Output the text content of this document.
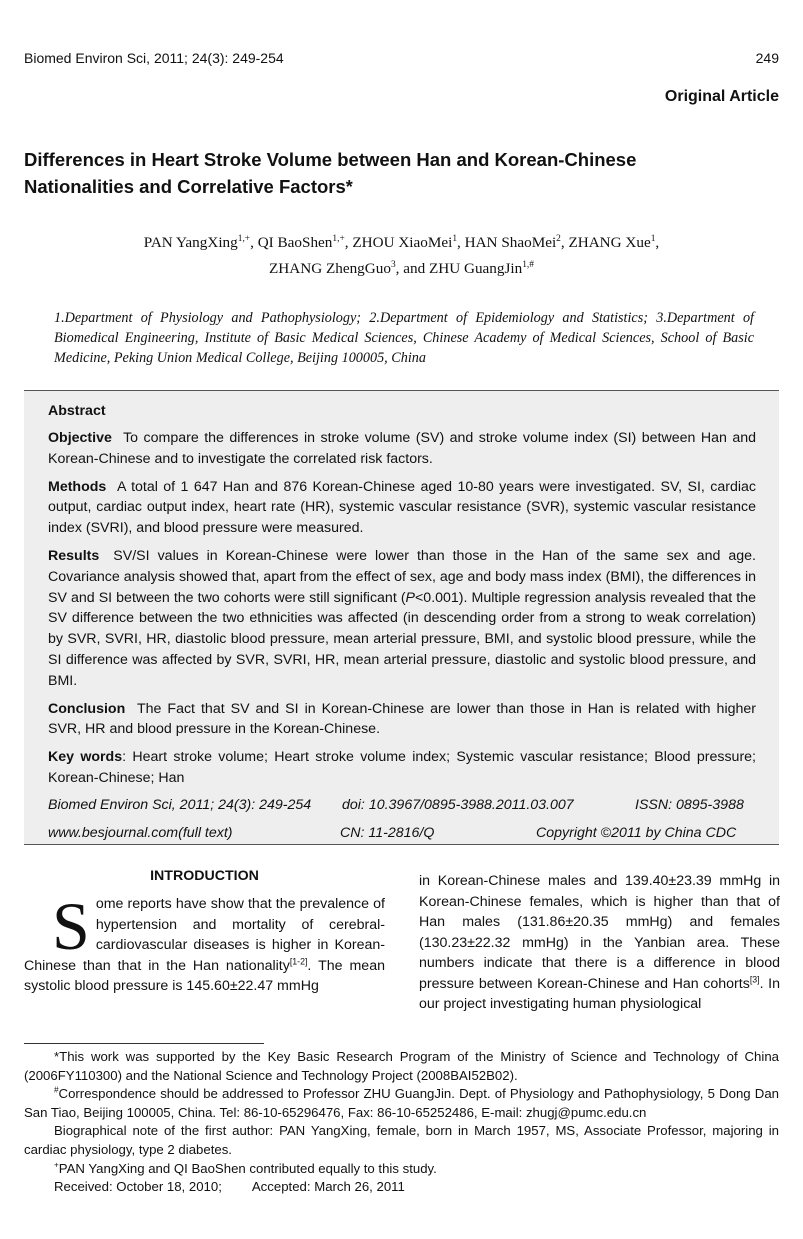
Biomed Environ Sci, 2011; 24(3): 249-254	249
Original Article
Differences in Heart Stroke Volume between Han and Korean-Chinese Nationalities and Correlative Factors*
PAN YangXing$^{1,+}$, QI BaoShen$^{1,+}$, ZHOU XiaoMei$^1$, HAN ShaoMei$^2$, ZHANG Xue$^1$,
ZHANG ZhengGuo$^3$, and ZHU GuangJin$^{1,\#}$
1.Department of Physiology and Pathophysiology; 2.Department of Epidemiology and Statistics; 3.Department of Biomedical Engineering, Institute of Basic Medical Sciences, Chinese Academy of Medical Sciences, School of Basic Medicine, Peking Union Medical College, Beijing 100005, China
Abstract

Objective To compare the differences in stroke volume (SV) and stroke volume index (SI) between Han and Korean-Chinese and to investigate the correlated risk factors.

Methods A total of 1 647 Han and 876 Korean-Chinese aged 10-80 years were investigated. SV, SI, cardiac output, cardiac output index, heart rate (HR), systemic vascular resistance (SVR), systemic vascular resistance index (SVRI), and blood pressure were measured.

Results SV/SI values in Korean-Chinese were lower than those in the Han of the same sex and age. Covariance analysis showed that, apart from the effect of sex, age and body mass index (BMI), the differences in SV and SI between the two cohorts were still significant (P<0.001). Multiple regression analysis revealed that the SV difference between the two ethnicities was affected (in descending order from a strong to weak correlation) by SVR, SVRI, HR, diastolic blood pressure, mean arterial pressure, BMI, and systolic blood pressure, while the SI difference was affected by SVR, SVRI, HR, mean arterial pressure, diastolic and systolic blood pressure, and BMI.

Conclusion The Fact that SV and SI in Korean-Chinese are lower than those in Han is related with higher SVR, HR and blood pressure in the Korean-Chinese.

Key words: Heart stroke volume; Heart stroke volume index; Systemic vascular resistance; Blood pressure; Korean-Chinese; Han

Biomed Environ Sci, 2011; 24(3): 249-254 doi: 10.3967/0895-3988.2011.03.007	ISSN: 0895-3988
www.besjournal.com(full text)	CN: 11-2816/Q	Copyright ©2011 by China CDC
INTRODUCTION
S ome reports have show that the prevalence of hypertension and mortality of cerebral-cardiovascular diseases is higher in Korean-Chinese than that in the Han nationality[1-2]. The mean systolic blood pressure is 145.60±22.47 mmHg
in Korean-Chinese males and 139.40±23.39 mmHg in Korean-Chinese females, which is higher than that of Han males (131.86±20.35 mmHg) and females (130.23±22.32 mmHg) in the Yanbian area. These numbers indicate that there is a difference in blood pressure between Korean-Chinese and Han cohorts[3]. In our project investigating human physiological

*This work was supported by the Key Basic Research Program of the Ministry of Science and Technology of China (2006FY110300) and the National Science and Technology Project (2008BAI52B02).

#Correspondence should be addressed to Professor ZHU GuangJin. Dept. of Physiology and Pathophysiology, 5 Dong Dan San Tiao, Beijing 100005, China. Tel: 86-10-65296476, Fax: 86-10-65252486, E-mail: zhugj@pumc.edu.cn

Biographical note of the first author: PAN YangXing, female, born in March 1957, MS, Associate Professor, majoring in cardiac physiology, type 2 diabetes.

+PAN YangXing and QI BaoShen contributed equally to this study.

Received: October 18, 2010; Accepted: March 26, 2011
